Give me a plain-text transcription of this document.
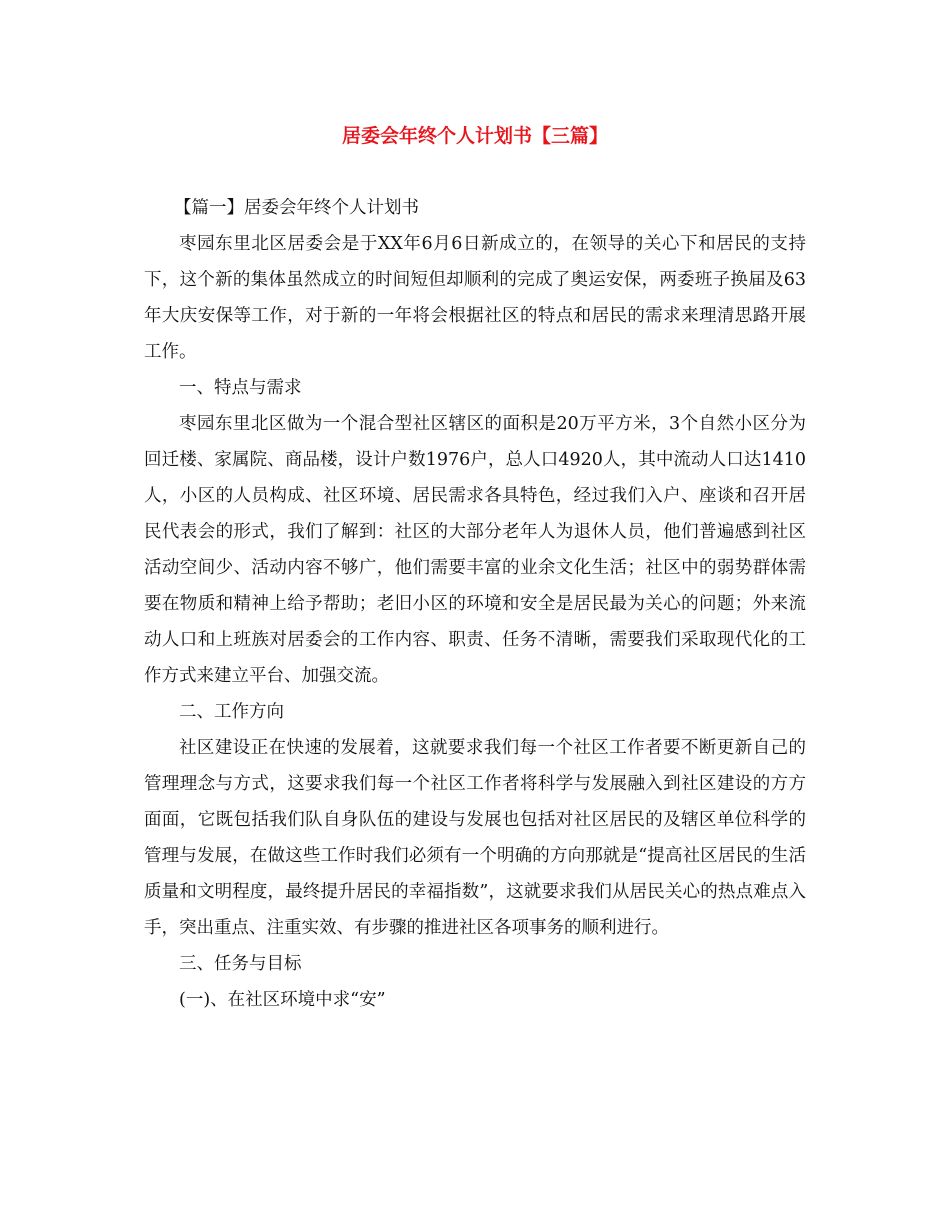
居委会年终个人计划书【三篇】

【篇一】居委会年终个人计划书

枣园东里北区居委会是于XX年6月6日新成立的，在领导的关心下和居民的支持下，这个新的集体虽然成立的时间短但却顺利的完成了奥运安保，两委班子换届及63年大庆安保等工作，对于新的一年将会根据社区的特点和居民的需求来理清思路开展工作。

一、特点与需求

枣园东里北区做为一个混合型社区辖区的面积是20万平方米，3个自然小区分为回迁楼、家属院、商品楼，设计户数1976户，总人口4920人，其中流动人口达1410人，小区的人员构成、社区环境、居民需求各具特色，经过我们入户、座谈和召开居民代表会的形式，我们了解到：社区的大部分老年人为退休人员，他们普遍感到社区活动空间少、活动内容不够广，他们需要丰富的业余文化生活；社区中的弱势群体需要在物质和精神上给予帮助；老旧小区的环境和安全是居民最为关心的问题；外来流动人口和上班族对居委会的工作内容、职责、任务不清晰，需要我们采取现代化的工作方式来建立平台、加强交流。

二、工作方向

社区建设正在快速的发展着，这就要求我们每一个社区工作者要不断更新自己的管理理念与方式，这要求我们每一个社区工作者将科学与发展融入到社区建设的方方面面，它既包括我们队自身队伍的建设与发展也包括对社区居民的及辖区单位科学的管理与发展，在做这些工作时我们必须有一个明确的方向那就是“提高社区居民的生活质量和文明程度，最终提升居民的幸福指数”，这就要求我们从居民关心的热点难点入手，突出重点、注重实效、有步骤的推进社区各项事务的顺利进行。

三、任务与目标

(一)、在社区环境中求“安”
